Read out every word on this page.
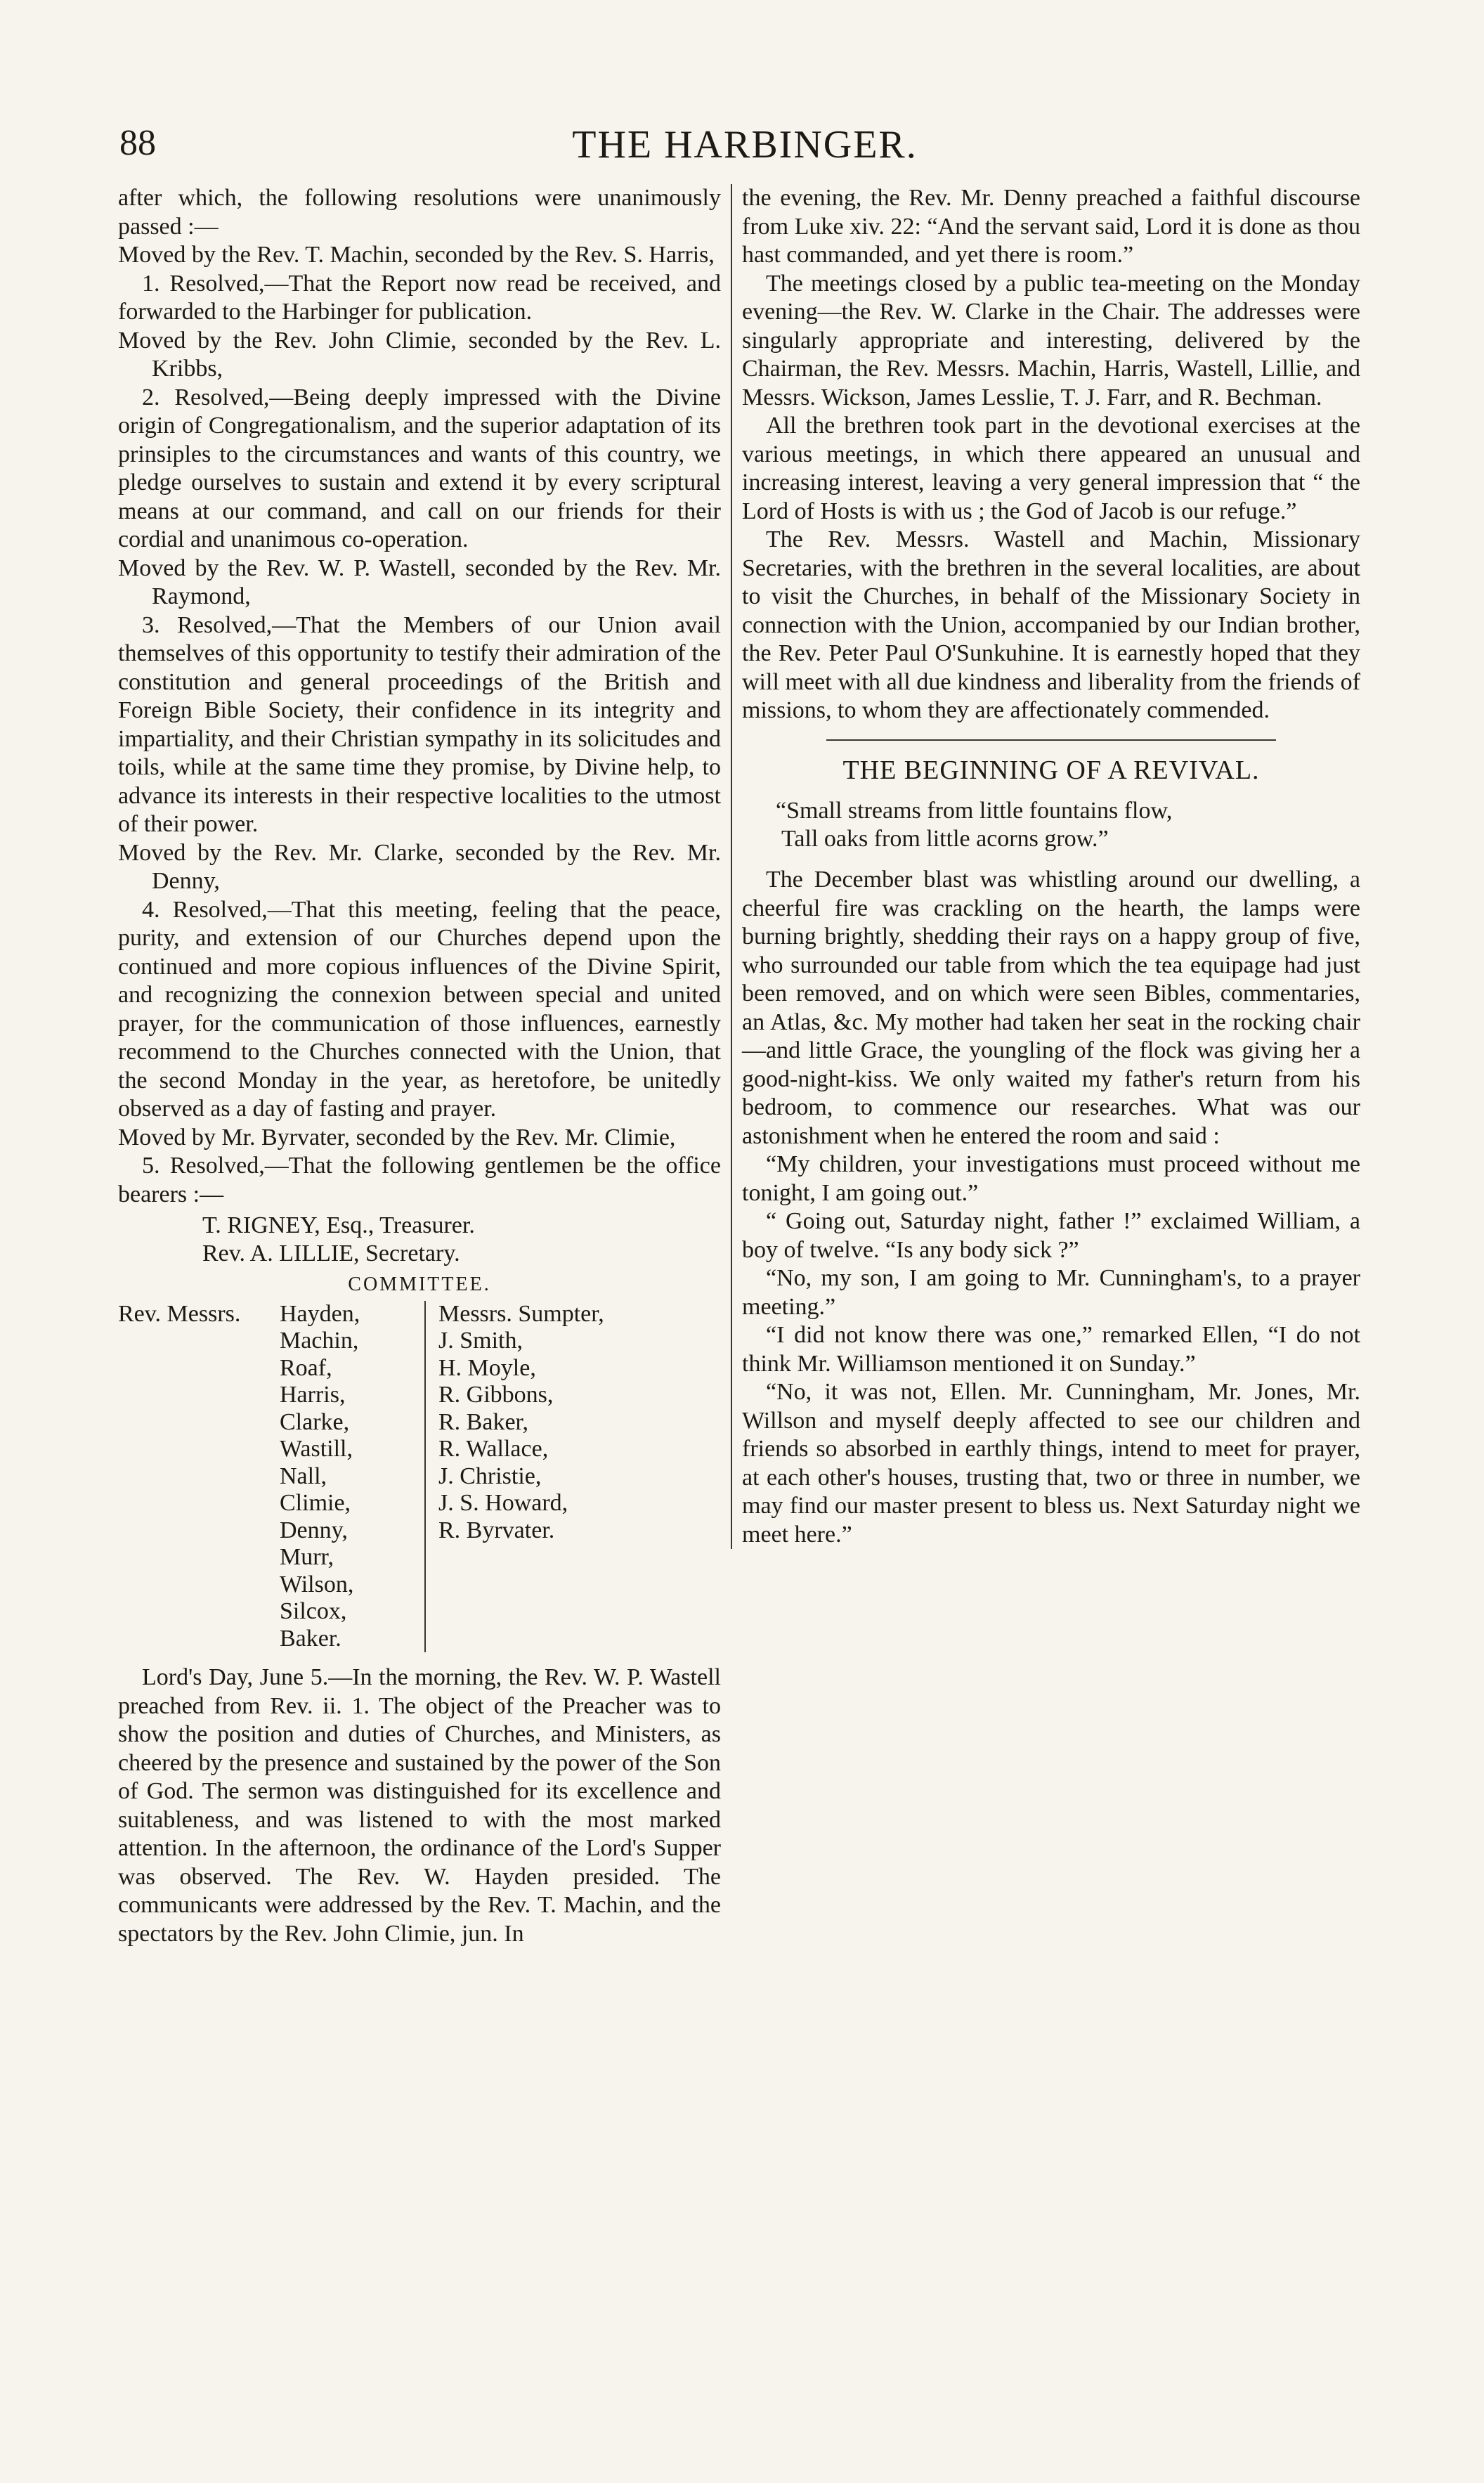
88	THE HARBINGER.

after which, the following resolutions were unanimously passed :—

Moved by the Rev. T. Machin, seconded by the Rev. S. Harris,

1. Resolved,—That the Report now read be received, and forwarded to the Harbinger for publication.

Moved by the Rev. John Climie, seconded by the Rev. L. Kribbs,

2. Resolved,—Being deeply impressed with the Divine origin of Congregationalism, and the superior adaptation of its prinsiples to the circumstances and wants of this country, we pledge ourselves to sustain and extend it by every scriptural means at our command, and call on our friends for their cordial and unanimous co-operation.

Moved by the Rev. W. P. Wastell, seconded by the Rev. Mr. Raymond,

3. Resolved,—That the Members of our Union avail themselves of this opportunity to testify their admiration of the constitution and general proceedings of the British and Foreign Bible Society, their confidence in its integrity and impartiality, and their Christian sympathy in its solicitudes and toils, while at the same time they promise, by Divine help, to advance its interests in their respective localities to the utmost of their power.

Moved by the Rev. Mr. Clarke, seconded by the Rev. Mr. Denny,

4. Resolved,—That this meeting, feeling that the peace, purity, and extension of our Churches depend upon the continued and more copious influences of the Divine Spirit, and recognizing the connexion between special and united prayer, for the communication of those influences, earnestly recommend to the Churches connected with the Union, that the second Monday in the year, as heretofore, be unitedly observed as a day of fasting and prayer.

Moved by Mr. Byrvater, seconded by the Rev. Mr. Climie,

5. Resolved,—That the following gentlemen be the office bearers :—

T. RIGNEY, Esq., Treasurer.
Rev. A. LILLIE, Secretary.
COMMITTEE.
Rev. Messrs.	Hayden,
Machin,
Roaf,
Harris,
Clarke,
Wastill,
Nall,
Climie,
Denny,
Murr,
Wilson,
Silcox,
Baker.
Messrs. Sumpter,
J. Smith,
H. Moyle,
R. Gibbons,
R. Baker,
R. Wallace,
J. Christie,
J. S. Howard,
R. Byrvater.

Lord's Day, June 5.—In the morning, the Rev. W. P. Wastell preached from Rev. ii. 1. The object of the Preacher was to show the position and duties of Churches, and Ministers, as cheered by the presence and sustained by the power of the Son of God. The sermon was distinguished for its excellence and suitableness, and was listened to with the most marked attention. In the afternoon, the ordinance of the Lord's Supper was observed. The Rev. W. Hayden presided. The communicants were addressed by the Rev. T. Machin, and the spectators by the Rev. John Climie, jun. In

the evening, the Rev. Mr. Denny preached a faithful discourse from Luke xiv. 22: “And the servant said, Lord it is done as thou hast commanded, and yet there is room.”

The meetings closed by a public tea-meeting on the Monday evening—the Rev. W. Clarke in the Chair. The addresses were singularly appropriate and interesting, delivered by the Chairman, the Rev. Messrs. Machin, Harris, Wastell, Lillie, and Messrs. Wickson, James Lesslie, T. J. Farr, and R. Bechman.

All the brethren took part in the devotional exercises at the various meetings, in which there appeared an unusual and increasing interest, leaving a very general impression that “ the Lord of Hosts is with us ; the God of Jacob is our refuge.”

The Rev. Messrs. Wastell and Machin, Missionary Secretaries, with the brethren in the several localities, are about to visit the Churches, in behalf of the Missionary Society in connection with the Union, accompanied by our Indian brother, the Rev. Peter Paul O'Sunkuhine. It is earnestly hoped that they will meet with all due kindness and liberality from the friends of missions, to whom they are affectionately commended.

THE BEGINNING OF A REVIVAL.
“Small streams from little fountains flow,
Tall oaks from little acorns grow.”

The December blast was whistling around our dwelling, a cheerful fire was crackling on the hearth, the lamps were burning brightly, shedding their rays on a happy group of five, who surrounded our table from which the tea equipage had just been removed, and on which were seen Bibles, commentaries, an Atlas, &c. My mother had taken her seat in the rocking chair—and little Grace, the youngling of the flock was giving her a good-night-kiss. We only waited my father's return from his bedroom, to commence our researches. What was our astonishment when he entered the room and said :

“My children, your investigations must proceed without me tonight, I am going out.”

“ Going out, Saturday night, father !” exclaimed William, a boy of twelve. “Is any body sick ?”

“No, my son, I am going to Mr. Cunningham's, to a prayer meeting.”

“I did not know there was one,” remarked Ellen, “I do not think Mr. Williamson mentioned it on Sunday.”

“No, it was not, Ellen. Mr. Cunningham, Mr. Jones, Mr. Willson and myself deeply affected to see our children and friends so absorbed in earthly things, intend to meet for prayer, at each other's houses, trusting that, two or three in number, we may find our master present to bless us. Next Saturday night we meet here.”
